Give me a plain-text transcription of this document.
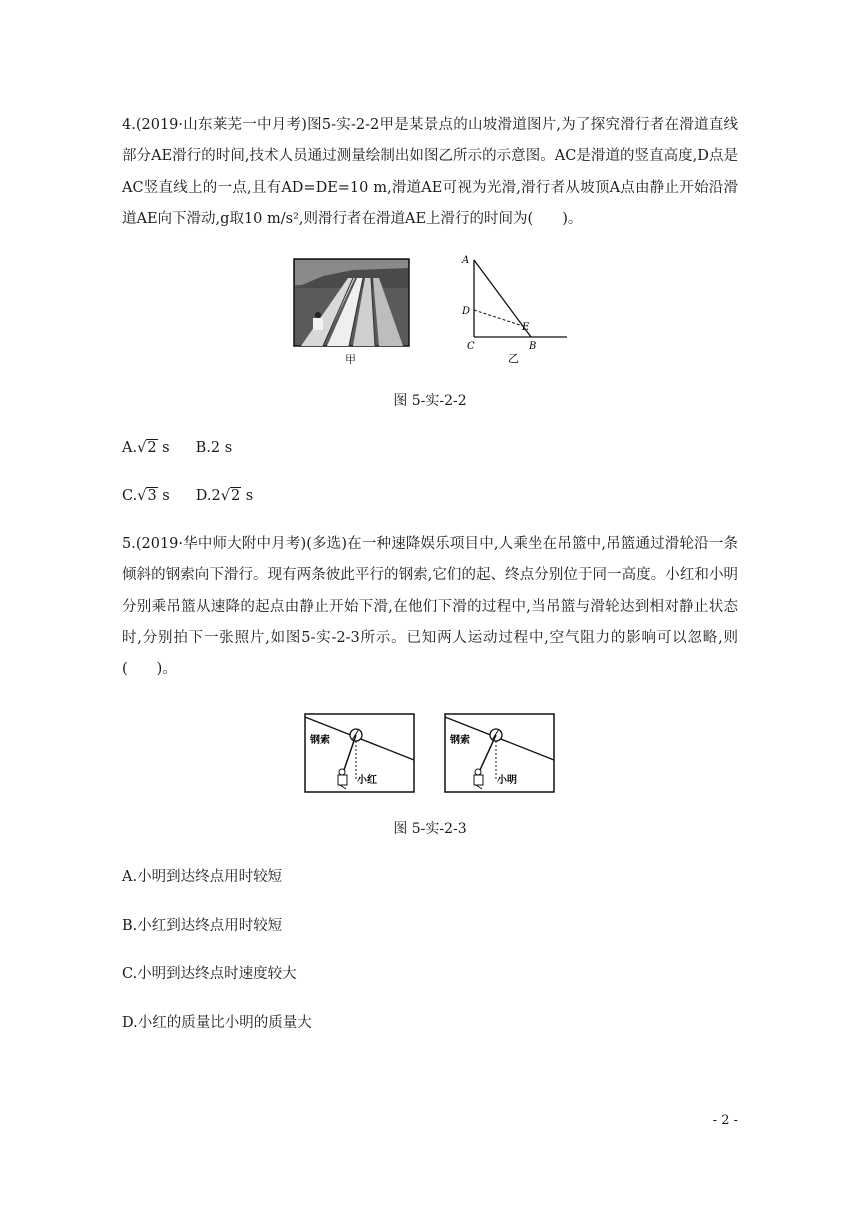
4.(2019·山东莱芜一中月考)图5-实-2-2甲是某景点的山坡滑道图片,为了探究滑行者在滑道直线部分AE滑行的时间,技术人员通过测量绘制出如图乙所示的示意图。AC是滑道的竖直高度,D点是AC竖直线上的一点,且有AD=DE=10 m,滑道AE可视为光滑,滑行者从坡顶A点由静止开始沿滑道AE向下滑动,g取10 m/s²,则滑行者在滑道AE上滑行的时间为(　　)。

甲
A
D
E
C	B
乙
图 5-实-2-2
A.√2 s B.2 s
C.√3 s D.2√2 s

5.(2019·华中师大附中月考)(多选)在一种速降娱乐项目中,人乘坐在吊篮中,吊篮通过滑轮沿一条倾斜的钢索向下滑行。现有两条彼此平行的钢索,它们的起、终点分别位于同一高度。小红和小明分别乘吊篮从速降的起点由静止开始下滑,在他们下滑的过程中,当吊篮与滑轮达到相对静止状态时,分别拍下一张照片,如图5-实-2-3所示。已知两人运动过程中,空气阻力的影响可以忽略,则(　　)。

钢索
小红
钢索
小明
图 5-实-2-3
A.小明到达终点用时较短
B.小红到达终点用时较短
C.小明到达终点时速度较大
D.小红的质量比小明的质量大
- 2 -
